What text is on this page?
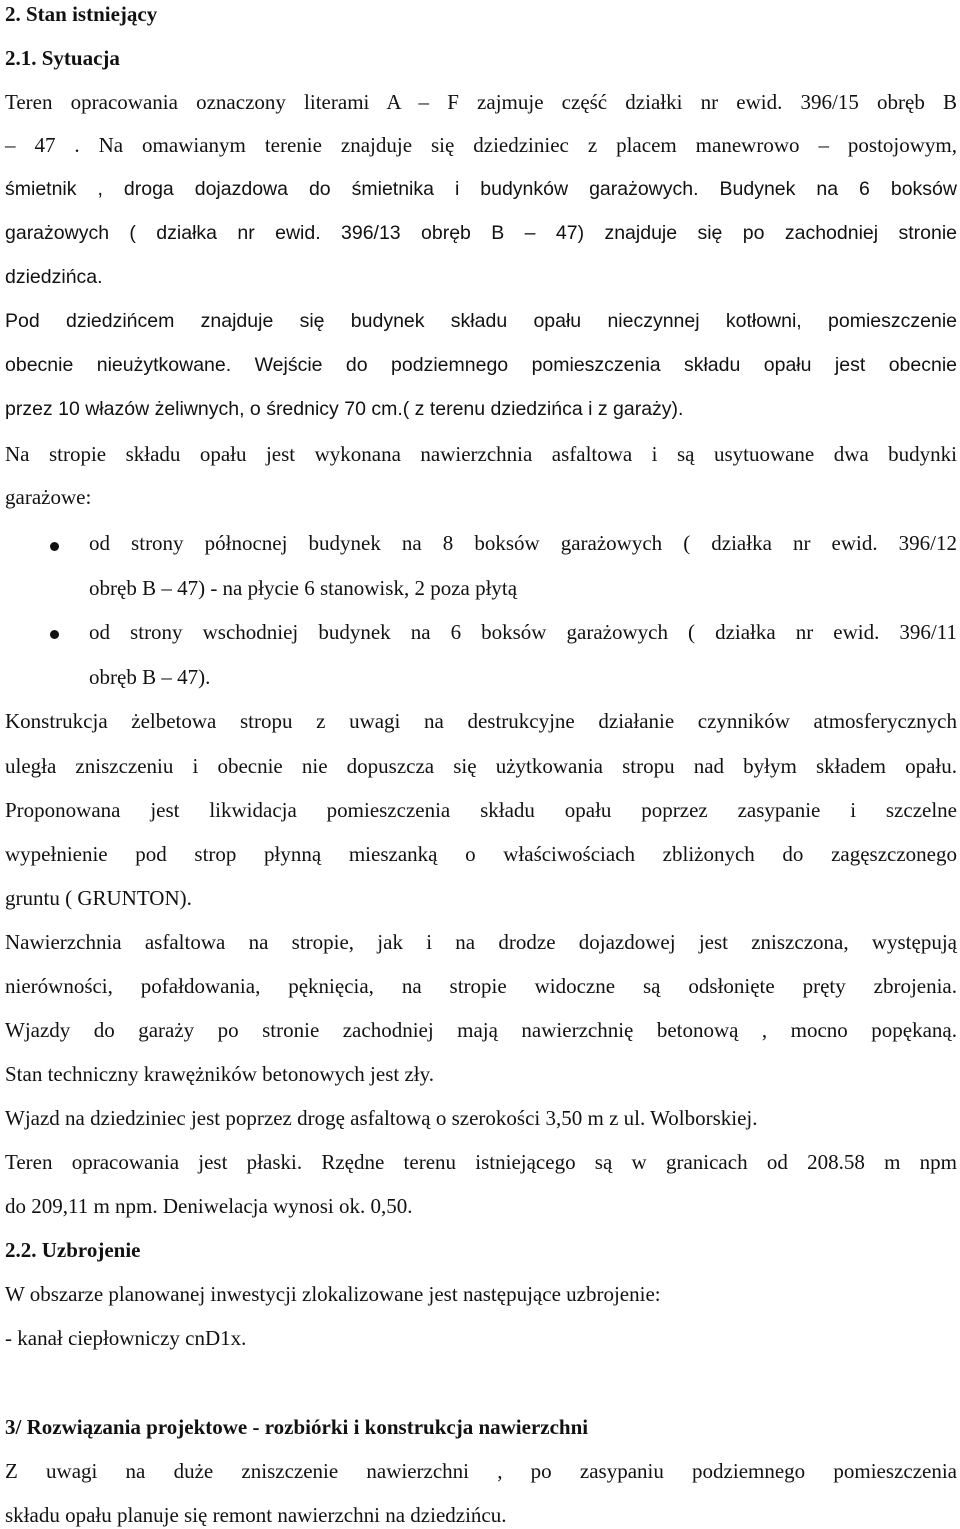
2. Stan istniejący
2.1. Sytuacja
Teren opracowania oznaczony literami A – F zajmuje część działki nr ewid. 396/15 obręb B
– 47 . Na omawianym terenie znajduje się dziedziniec z placem manewrowo – postojowym,
śmietnik , droga dojazdowa do śmietnika i budynków garażowych. Budynek na 6 boksów
garażowych ( działka nr ewid. 396/13 obręb B – 47) znajduje się po zachodniej stronie
dziedzińca.
Pod dziedzińcem znajduje się budynek składu opału nieczynnej kotłowni, pomieszczenie
obecnie nieużytkowane. Wejście do podziemnego pomieszczenia składu opału jest obecnie
przez 10 włazów żeliwnych, o średnicy 70 cm.( z terenu dziedzińca i z garaży).
Na stropie składu opału jest wykonana nawierzchnia asfaltowa i są usytuowane dwa budynki
garażowe:
od strony północnej budynek na 8 boksów garażowych ( działka nr ewid. 396/12
obręb B – 47) - na płycie 6 stanowisk, 2 poza płytą
od strony wschodniej budynek na 6 boksów garażowych ( działka nr ewid. 396/11
obręb B – 47).
Konstrukcja żelbetowa stropu z uwagi na destrukcyjne działanie czynników atmosferycznych
uległa zniszczeniu i obecnie nie dopuszcza się użytkowania stropu nad byłym składem opału.
Proponowana jest likwidacja pomieszczenia składu opału poprzez zasypanie i szczelne
wypełnienie pod strop płynną mieszanką o właściwościach zbliżonych do zagęszczonego
gruntu ( GRUNTON).
Nawierzchnia asfaltowa na stropie, jak i na drodze dojazdowej jest zniszczona, występują
nierówności, pofałdowania, pęknięcia, na stropie widoczne są odsłonięte pręty zbrojenia.
Wjazdy do garaży po stronie zachodniej mają nawierzchnię betonową , mocno popękaną.
Stan techniczny krawężników betonowych jest zły.
Wjazd na dziedziniec jest poprzez drogę asfaltową o szerokości 3,50 m z ul. Wolborskiej.
Teren opracowania jest płaski. Rzędne terenu istniejącego są w granicach od 208.58 m npm
do 209,11 m npm. Deniwelacja wynosi ok. 0,50.
2.2. Uzbrojenie
W obszarze planowanej inwestycji zlokalizowane jest następujące uzbrojenie:
- kanał ciepłowniczy cnD1x.
3/ Rozwiązania projektowe - rozbiórki i konstrukcja nawierzchni
Z uwagi na duże zniszczenie nawierzchni , po zasypaniu podziemnego pomieszczenia
składu opału planuje się remont nawierzchni na dziedzińcu.
